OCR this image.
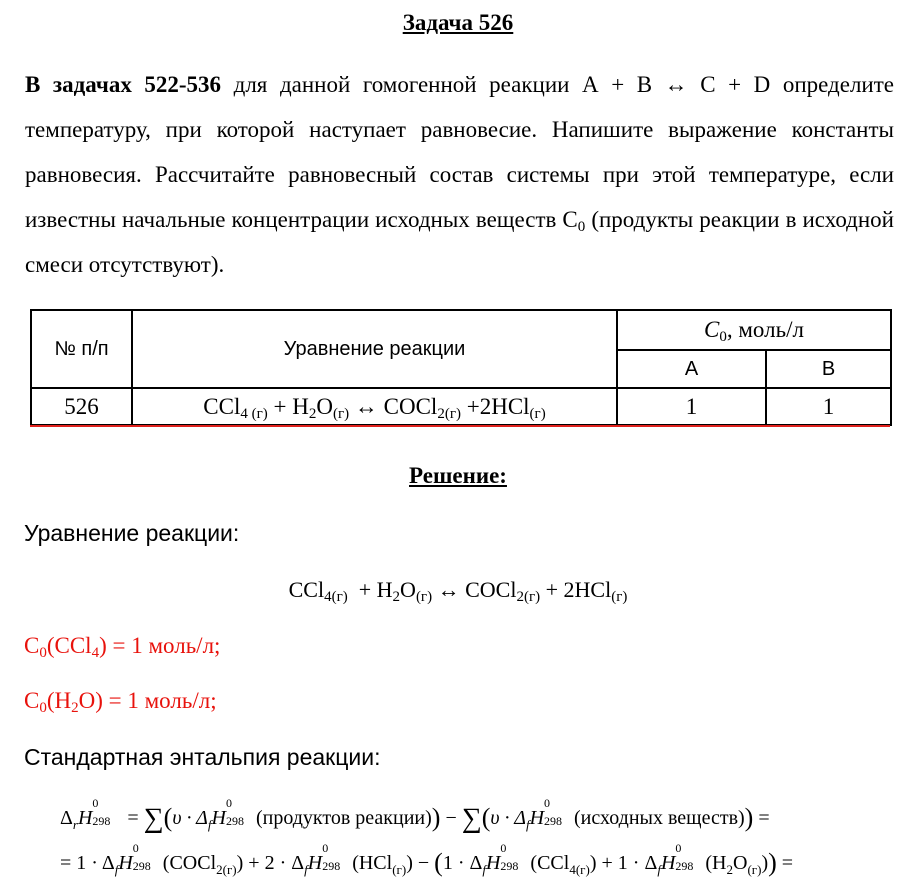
Задача 526
В задачах 522-536 для данной гомогенной реакции А + В ↔ С + D определите температуру, при которой наступает равновесие. Напишите выражение константы равновесия. Рассчитайте равновесный состав системы при этой температуре, если известны начальные концентрации исходных веществ $С_0$ (продукты реакции в исходной смеси отсутствуют).
№ п/п	Уравнение реакции	$C_0$, моль/л	
		А	В
526	$CCl_{4 (г)} + H_2O_{(г)}$ ↔ COCl$_{2(г)}$ +2HCl$_{(г)}$	1	1
Решение:
Уравнение реакции:
$CCl_{4(г)} + H_2O_{(г)}$ ↔ COCl$_{2(г)}$ + 2HCl$_{(г)}$
$C_0(CCl_4) = 1$ моль/л;
$C_0(H_2O) = 1$ моль/л;
Стандартная энтальпия реакции:
$\Delta_rH$
0
$298 = \sum(\upsilon \cdot \Delta_fH$
0
298 (продуктов реакции)) − $\sum(\upsilon \cdot \Delta_fH$
0
298 (исходных веществ)) =
= $1 \cdot \Delta_fH$
0
298 (COCl$_{2(г)}$) + $2 \cdot \Delta_fH$
0
298 $(HCl_{(г)}) - (1 \cdot \Delta_fH$
0
298 $(CCl_{4(г)}) + 1 \cdot \Delta_fH$
0
298 $(H_2O_{(г)})$) =
